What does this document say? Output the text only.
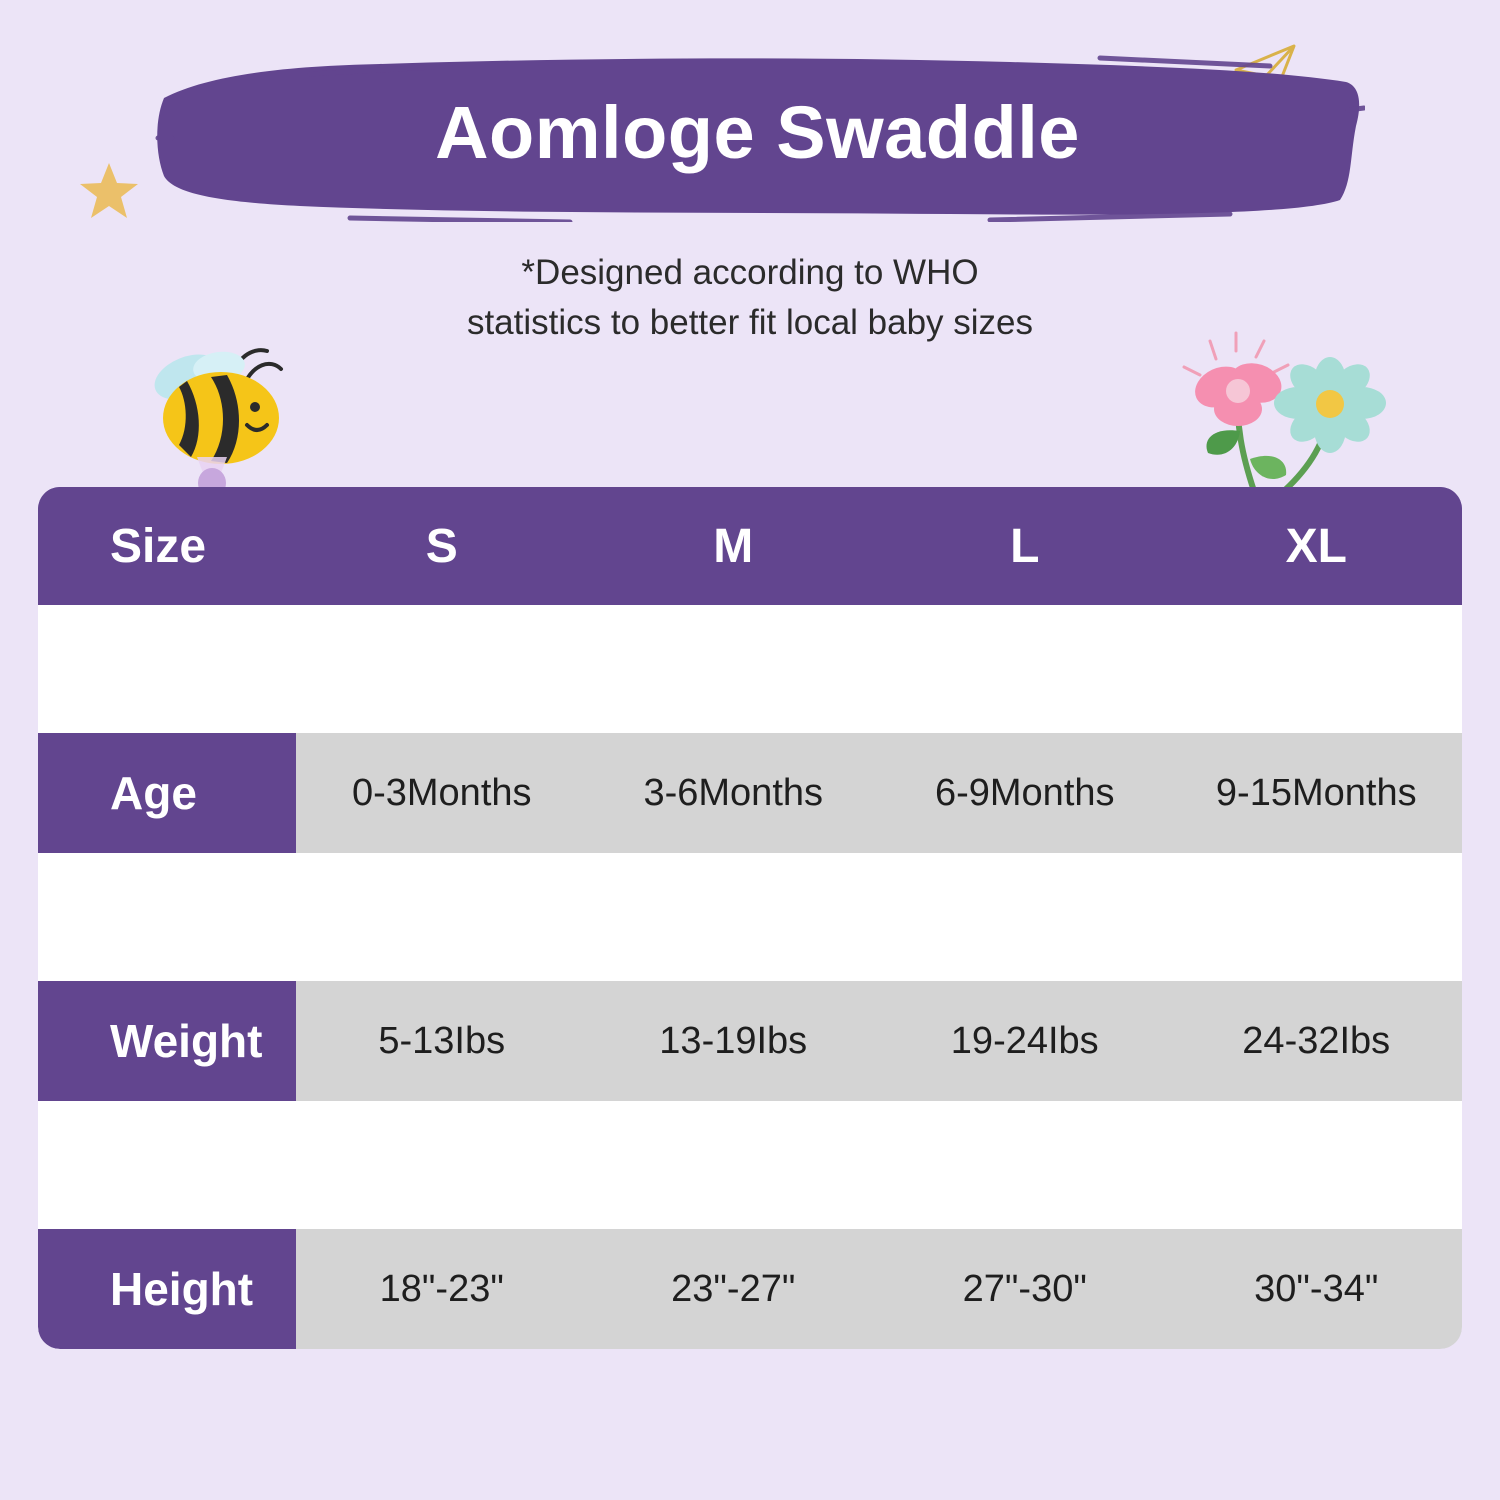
Aomloge Swaddle
*Designed according to WHO
statistics to better fit local baby sizes
Size	S	M	L	XL
Age	0-3Months	3-6Months	6-9Months	9-15Months
Weight	5-13Ibs	13-19Ibs	19-24Ibs	24-32Ibs
Height	18"-23"	23"-27"	27"-30"	30"-34"
